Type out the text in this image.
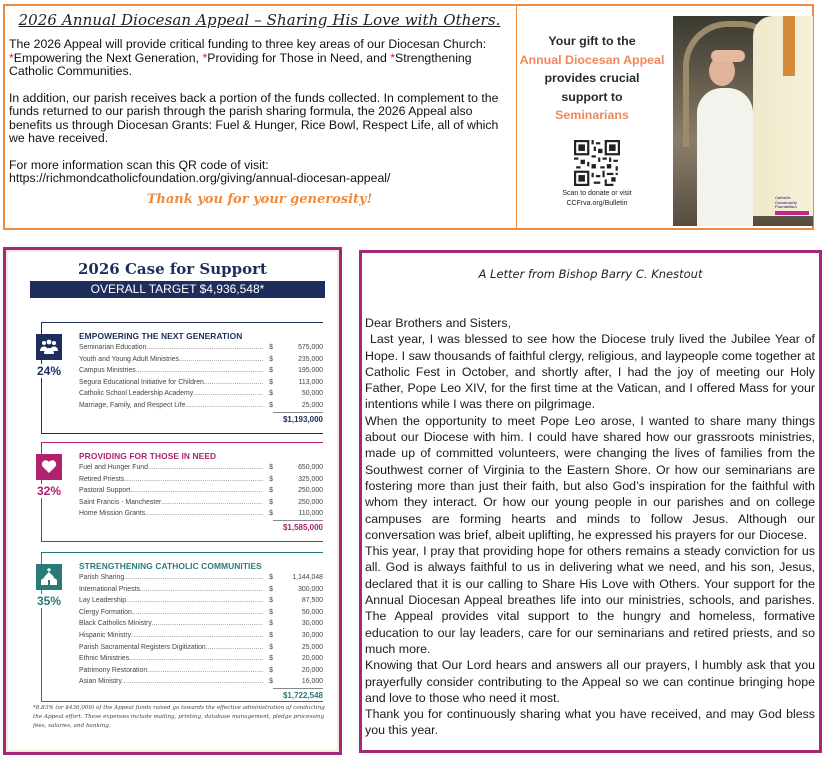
2026 Annual Diocesan Appeal – Sharing His Love with Others.

The 2026 Appeal will provide critical funding to three key areas of our Diocesan Church:
*Empowering the Next Generation, *Providing for Those in Need, and *Strengthening Catholic Communities.

In addition, our parish receives back a portion of the funds collected. In complement to the funds returned to our parish through the parish sharing formula, the 2026 Appeal also benefits us through Diocesan Grants: Fuel & Hunger, Rice Bowl, Respect Life, all of which we have received.

For more information scan this QR code of visit:
https://richmondcatholicfoundation.org/giving/annual-diocesan-appeal/

Thank you for your generosity!
Your gift to the
Annual Diocesan Appeal
provides crucial
support to
Seminarians
Scan to donate or visit
CCFrva.org/Bulletin
Catholic Community Foundation
2026 Case for Support
OVERALL TARGET $4,936,548*
24%
EMPOWERING THE NEXT GENERATION
Seminarian Education .....	$	575,000
Youth and Young Adult Ministries .....	$	235,000
Campus Ministries .....	$	195,000
Segura Educational Initiative for Children .....	$	113,000
Catholic School Leadership Academy .....	$	50,000
Marriage, Family, and Respect Life .....	$	25,000
$1,193,000
32%
PROVIDING FOR THOSE IN NEED
Fuel and Hunger Fund .....	$	650,000
Retired Priests .....	$	325,000
Pastoral Support .....	$	250,000
Saint Francis - Manchester .....	$	250,000
Home Mission Grants .....	$	110,000
$1,585,000
35%
STRENGTHENING CATHOLIC COMMUNITIES
Parish Sharing .....	$	1,144,048
International Priests .....	$	300,000
Lay Leadership .....	$	87,500
Clergy Formation .....	$	50,000
Black Catholics Ministry .....	$	30,000
Hispanic Ministry .....	$	30,000
Parish Sacramental Registers Digitization .....	$	25,000
Ethnic Ministries .....	$	20,000
Patrimony Restoration .....	$	20,000
Asian Ministry .....	$	16,000
$1,722,548
*8.83% (or $436,000) of the Appeal funds raised go towards the effective administration of conducting the Appeal effort. These expenses include mailing, printing, database management, pledge processing fees, salaries, and banking.
A Letter from Bishop Barry C. Knestout

Dear Brothers and Sisters,

Last year, I was blessed to see how the Diocese truly lived the Jubilee Year of Hope. I saw thousands of faithful clergy, religious, and laypeople come together at Catholic Fest in October, and shortly after, I had the joy of meeting our Holy Father, Pope Leo XIV, for the first time at the Vatican, and I offered Mass for your intentions while I was there on pilgrimage.

When the opportunity to meet Pope Leo arose, I wanted to share many things about our Diocese with him. I could have shared how our grassroots ministries, made up of committed volunteers, were changing the lives of families from the Southwest corner of Virginia to the Eastern Shore. Or how our seminarians are fostering more than just their faith, but also God’s inspiration for the faithful with whom they interact. Or how our young people in our parishes and on college campuses are forming hearts and minds to follow Jesus. Although our conversation was brief, albeit uplifting, he expressed his prayers for our Diocese.

This year, I pray that providing hope for others remains a steady conviction for us all. God is always faithful to us in delivering what we need, and his son, Jesus, declared that it is our calling to Share His Love with Others. Your support for the Annual Diocesan Appeal breathes life into our ministries, schools, and parishes. The Appeal provides vital support to the hungry and homeless, formative education to our lay leaders, care for our seminarians and retired priests, and so much more.

Knowing that Our Lord hears and answers all our prayers, I humbly ask that you prayerfully consider contributing to the Appeal so we can continue bringing hope and love to those who need it most.

Thank you for continuously sharing what you have received, and may God bless you this year.
